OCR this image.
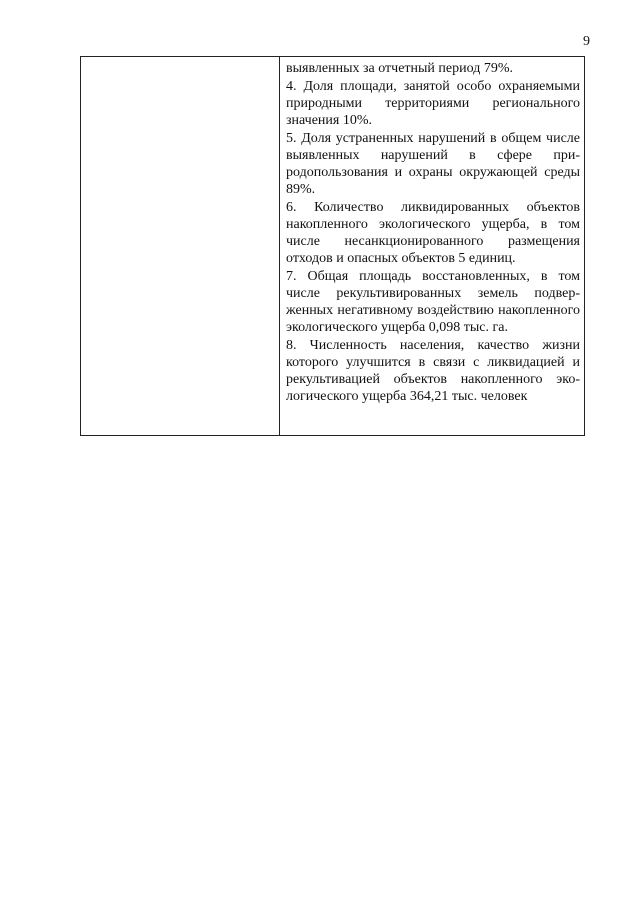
9

выявленных за отчетный период 79%.

4. Доля площади, занятой особо охраняемыми природными территориями регионального значения 10%.

5. Доля устраненных нарушений в общем числе выявленных нарушений в сфере природопользования и охраны окружающей среды 89%.

6. Количество ликвидированных объектов накопленного экологического ущерба, в том числе несанкционированного размещения отходов и опасных объектов 5 единиц.

7. Общая площадь восстановленных, в том числе рекультивированных земель подверженных негативному воздействию накопленного экологического ущерба 0,098 тыс. га.

8. Численность населения, качество жизни которого улучшится в связи с ликвидацией и рекультивацией объектов накопленного экологического ущерба 364,21 тыс. человек
